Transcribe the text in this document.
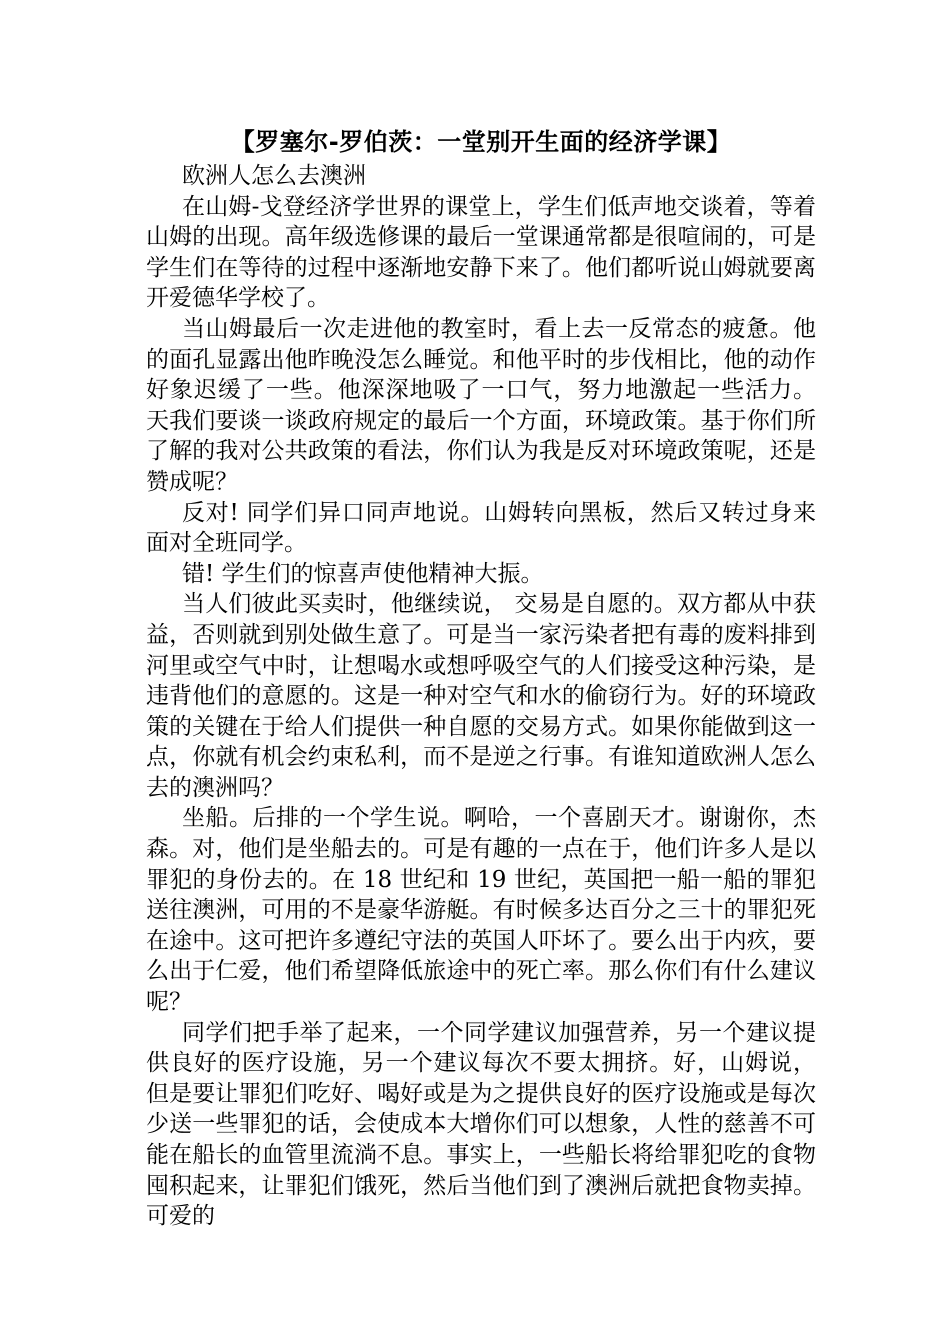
【罗塞尔-罗伯茨：一堂别开生面的经济学课】

欧洲人怎么去澳洲

在山姆-戈登经济学世界的课堂上，学生们低声地交谈着，等着山姆的出现。高年级选修课的最后一堂课通常都是很喧闹的，可是学生们在等待的过程中逐渐地安静下来了。他们都听说山姆就要离开爱德华学校了。

当山姆最后一次走进他的教室时，看上去一反常态的疲惫。他的面孔显露出他昨晚没怎么睡觉。和他平时的步伐相比，他的动作好象迟缓了一些。他深深地吸了一口气，努力地激起一些活力。 天我们要谈一谈政府规定的最后一个方面，环境政策。基于你们所了解的我对公共政策的看法，你们认为我是反对环境政策呢，还是赞成呢？

反对! 同学们异口同声地说。山姆转向黑板，然后又转过身来面对全班同学。

错! 学生们的惊喜声使他精神大振。

当人们彼此买卖时，他继续说， 交易是自愿的。双方都从中获益，否则就到别处做生意了。可是当一家污染者把有毒的废料排到河里或空气中时，让想喝水或想呼吸空气的人们接受这种污染，是违背他们的意愿的。这是一种对空气和水的偷窃行为。好的环境政策的关键在于给人们提供一种自愿的交易方式。如果你能做到这一点，你就有机会约束私利，而不是逆之行事。有谁知道欧洲人怎么去的澳洲吗？

坐船。后排的一个学生说。啊哈，一个喜剧天才。谢谢你，杰森。对，他们是坐船去的。可是有趣的一点在于，他们许多人是以罪犯的身份去的。在 18 世纪和 19 世纪，英国把一船一船的罪犯送往澳洲，可用的不是豪华游艇。有时候多达百分之三十的罪犯死在途中。这可把许多遵纪守法的英国人吓坏了。要么出于内疚，要么出于仁爱，他们希望降低旅途中的死亡率。那么你们有什么建议呢？

同学们把手举了起来，一个同学建议加强营养，另一个建议提供良好的医疗设施，另一个建议每次不要太拥挤。好，山姆说， 但是要让罪犯们吃好、喝好或是为之提供良好的医疗设施或是每次少送一些罪犯的话，会使成本大增你们可以想象，人性的慈善不可能在船长的血管里流淌不息。事实上，一些船长将给罪犯吃的食物囤积起来，让罪犯们饿死，然后当他们到了澳洲后就把食物卖掉。可爱的
